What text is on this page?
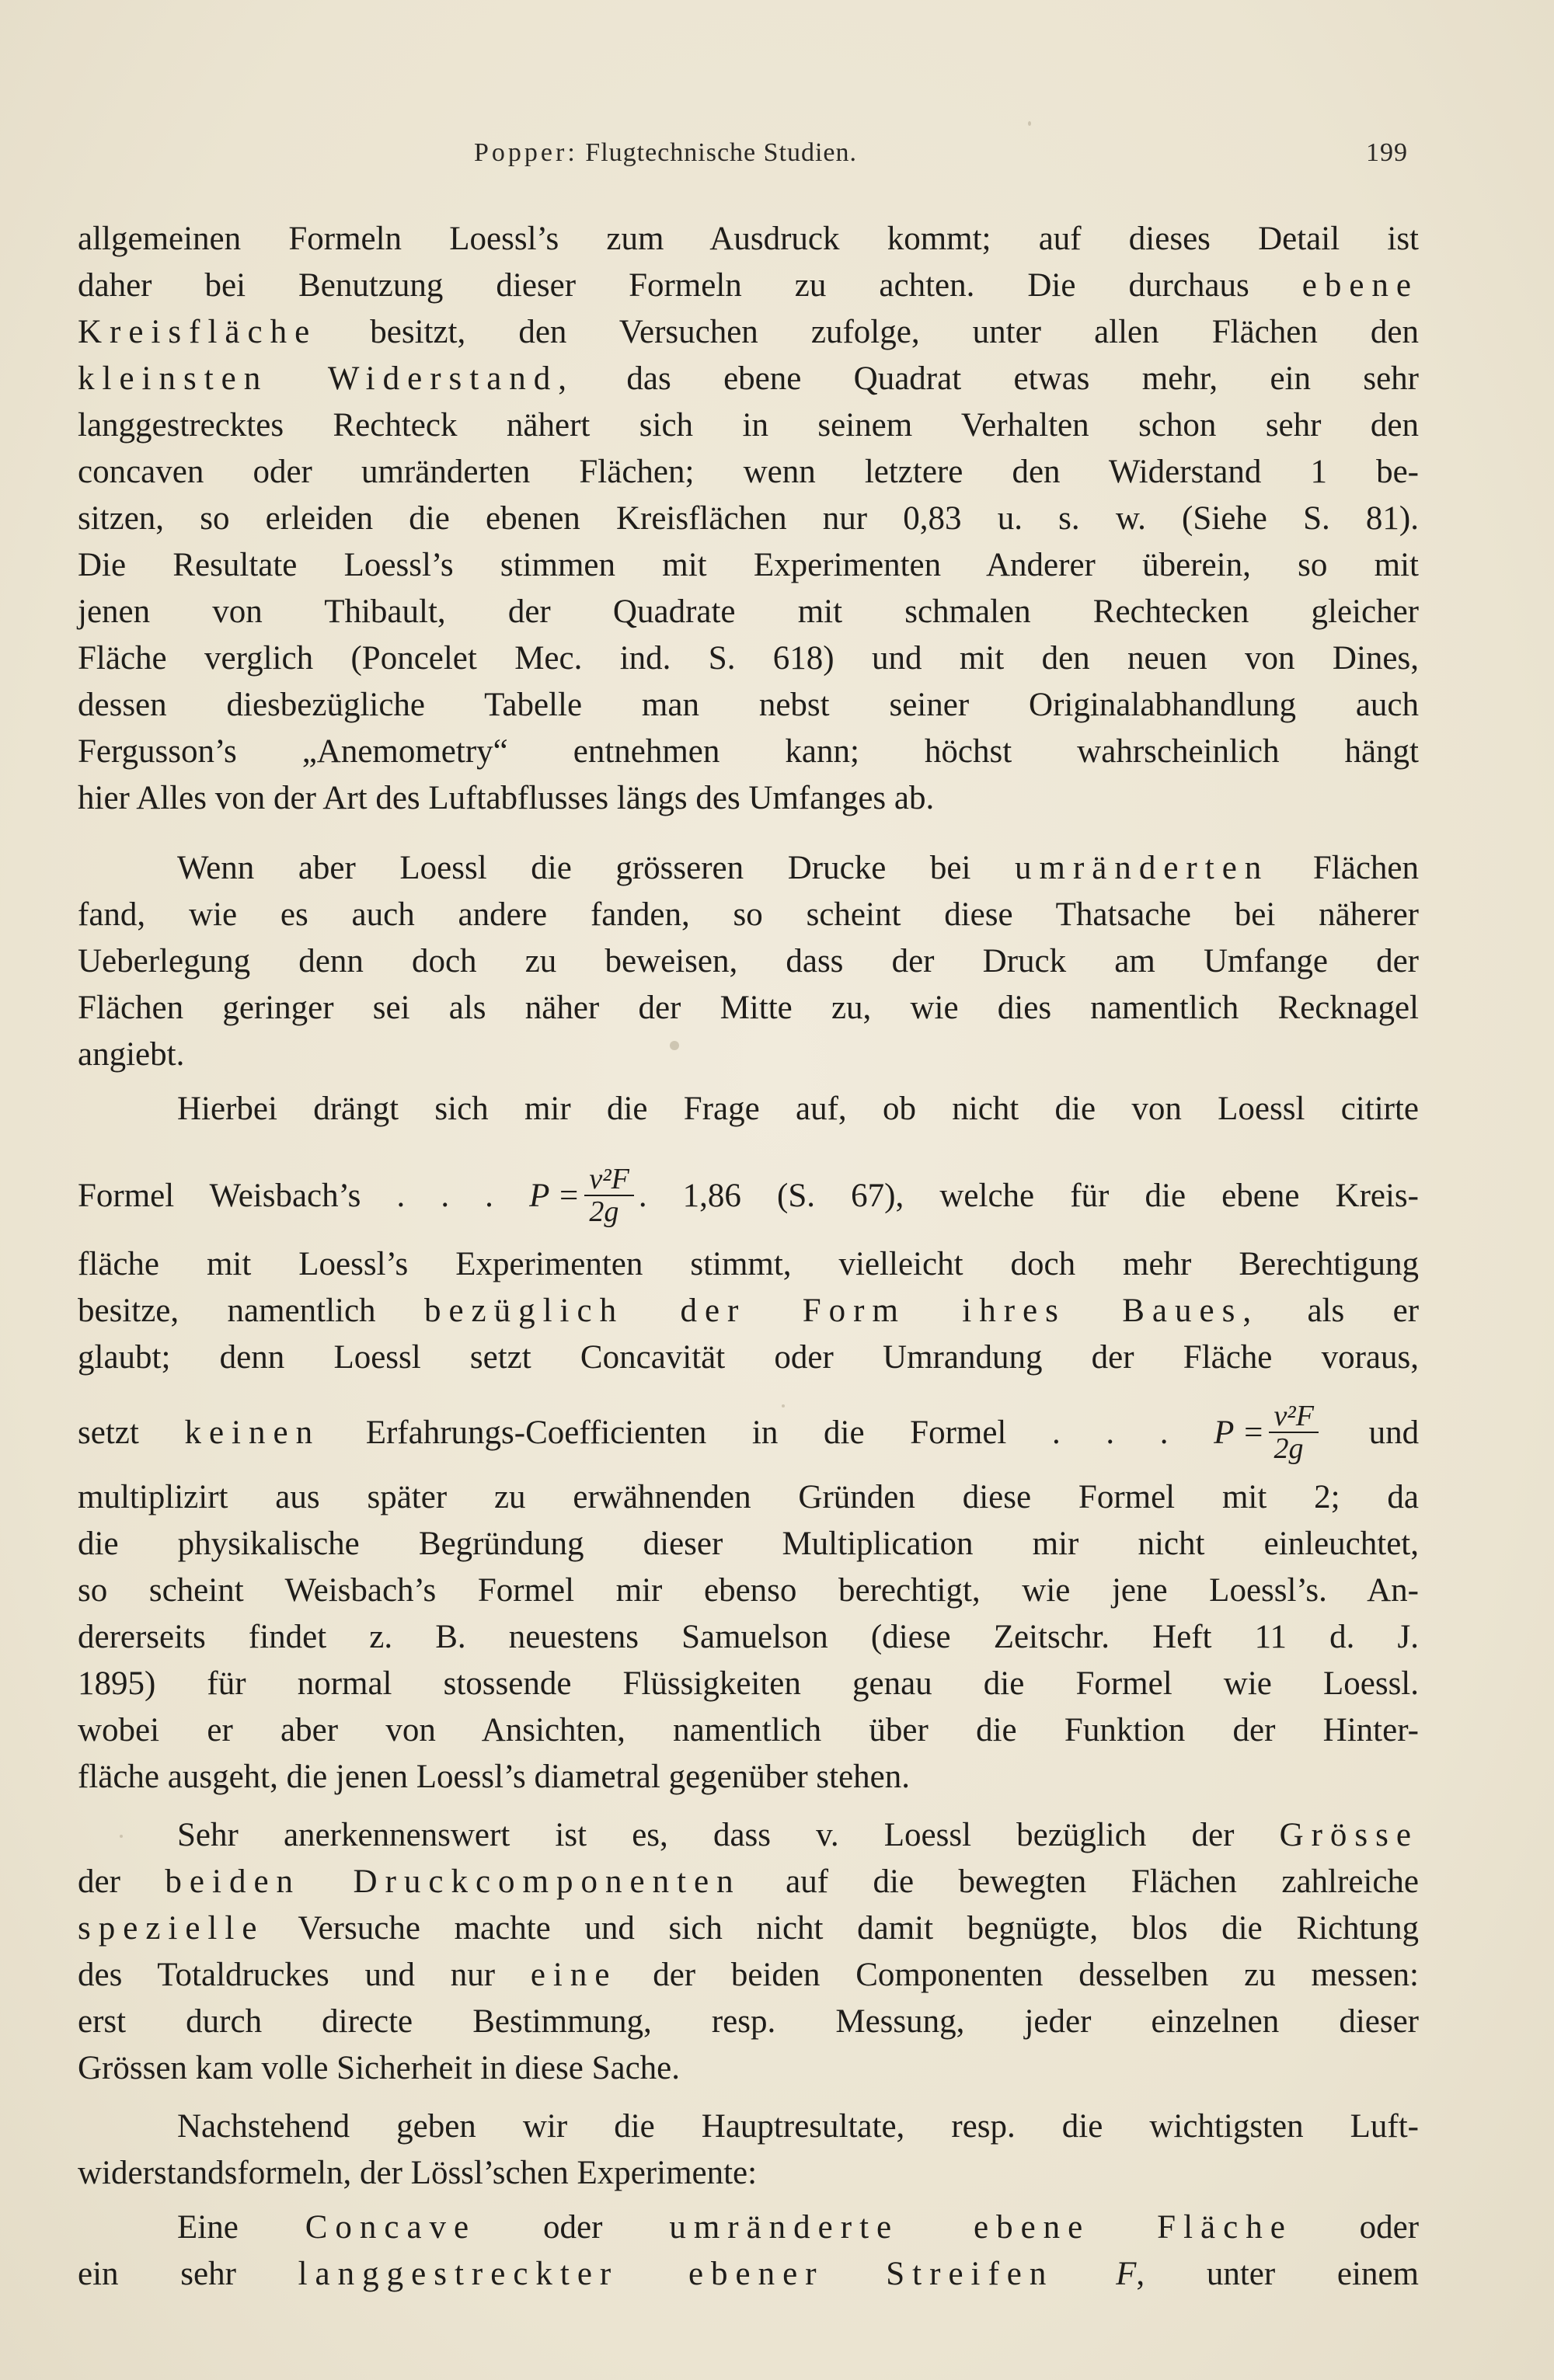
Popper: Flugtechnische Studien.	199
allgemeinen Formeln Loessl’s zum Ausdruck kommt; auf dieses Detail ist
daher bei Benutzung dieser Formeln zu achten. Die durchaus ebene
Kreisfläche besitzt, den Versuchen zufolge, unter allen Flächen den
kleinsten Widerstand, das ebene Quadrat etwas mehr, ein sehr
langgestrecktes Rechteck nähert sich in seinem Verhalten schon sehr den
concaven oder umränderten Flächen; wenn letztere den Widerstand 1 be-
sitzen, so erleiden die ebenen Kreisflächen nur 0,83 u. s. w. (Siehe S. 81).
Die Resultate Loessl’s stimmen mit Experimenten Anderer überein, so mit
jenen von Thibault, der Quadrate mit schmalen Rechtecken gleicher
Fläche verglich (Poncelet Mec. ind. S. 618) und mit den neuen von Dines,
dessen diesbezügliche Tabelle man nebst seiner Originalabhandlung auch
Fergusson’s „Anemometry“ entnehmen kann; höchst wahrscheinlich hängt
hier Alles von der Art des Luftabflusses längs des Umfanges ab.
Wenn aber Loessl die grösseren Drucke bei umränderten Flächen
fand, wie es auch andere fanden, so scheint diese Thatsache bei näherer
Ueberlegung denn doch zu beweisen, dass der Druck am Umfange der
Flächen geringer sei als näher der Mitte zu, wie dies namentlich Recknagel
angiebt.
Hierbei drängt sich mir die Frage auf, ob nicht die von Loessl citirte
Formel Weisbach’s . . . $P = \frac{\text{v²F}}{2g}$ . 1,86 (S. 67), welche für die ebene Kreis-
fläche mit Loessl’s Experimenten stimmt, vielleicht doch mehr Berechtigung
besitze, namentlich bezüglich der Form ihres Baues, als er
glaubt; denn Loessl setzt Concavität oder Umrandung der Fläche voraus,
setzt keinen Erfahrungs-Coefficienten in die Formel . . . $P = \frac{\text{v²F}}{2g}$ und
multiplizirt aus später zu erwähnenden Gründen diese Formel mit 2; da
die physikalische Begründung dieser Multiplication mir nicht einleuchtet,
so scheint Weisbach’s Formel mir ebenso berechtigt, wie jene Loessl’s. An-
dererseits findet z. B. neuestens Samuelson (diese Zeitschr. Heft 11 d. J.
1895) für normal stossende Flüssigkeiten genau die Formel wie Loessl.
wobei er aber von Ansichten, namentlich über die Funktion der Hinter-
fläche ausgeht, die jenen Loessl’s diametral gegenüber stehen.
Sehr anerkennenswert ist es, dass v. Loessl bezüglich der Grösse
der beiden Druckcomponenten auf die bewegten Flächen zahlreiche
spezielle Versuche machte und sich nicht damit begnügte, blos die Richtung
des Totaldruckes und nur eine der beiden Componenten desselben zu messen:
erst durch directe Bestimmung, resp. Messung, jeder einzelnen dieser
Grössen kam volle Sicherheit in diese Sache.
Nachstehend geben wir die Hauptresultate, resp. die wichtigsten Luft-
widerstandsformeln, der Lössl’schen Experimente:
Eine Concave oder umränderte ebene Fläche oder
ein sehr langgestreckter ebener Streifen F, unter einem
